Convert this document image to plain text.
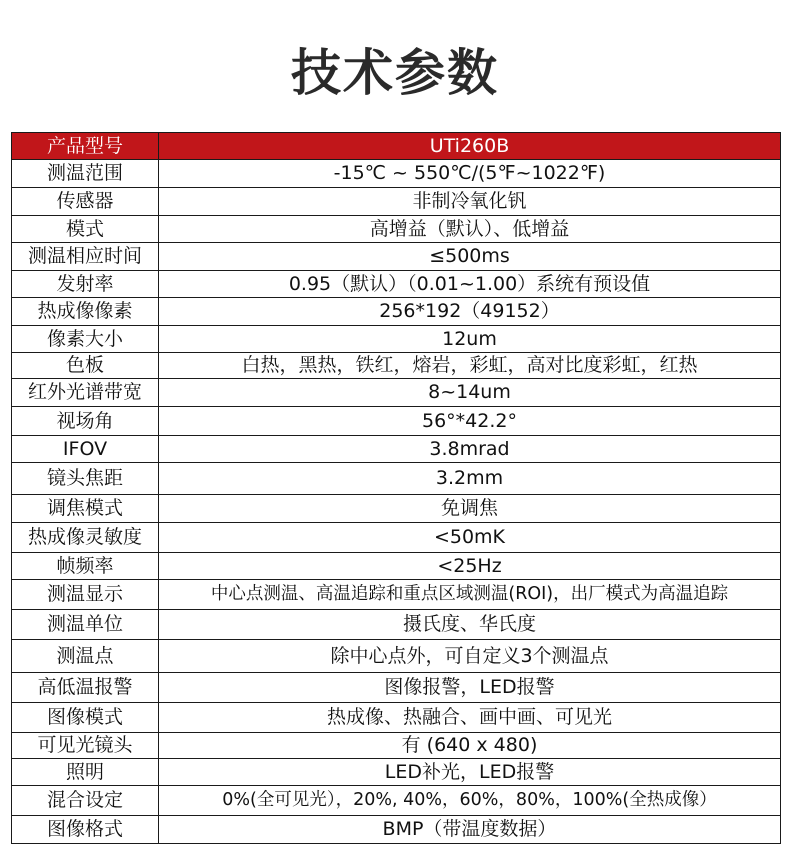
技术参数
产品型号	UTi260B
测温范围	-15℃ ~ 550℃/(5℉~1022℉)
传感器	非制冷氧化钒
模式	高增益（默认）、低增益
测温相应时间	≤500ms
发射率	0.95（默认）（0.01~1.00）系统有预设值
热成像像素	256*192（49152）
像素大小	12um
色板	白热，黑热，铁红，熔岩，彩虹，高对比度彩虹，红热
红外光谱带宽	8~14um
视场角	56°*42.2°
IFOV	3.8mrad
镜头焦距	3.2mm
调焦模式	免调焦
热成像灵敏度	<50mK
帧频率	<25Hz
测温显示	中心点测温、高温追踪和重点区域测温(ROI)，出厂模式为高温追踪
测温单位	摄氏度、华氏度
测温点	除中心点外，可自定义3个测温点
高低温报警	图像报警，LED报警
图像模式	热成像、热融合、画中画、可见光
可见光镜头	有 (640 x 480)
照明	LED补光，LED报警
混合设定	0%(全可见光），20%, 40%，60%，80%，100%(全热成像）
图像格式	BMP（带温度数据）
